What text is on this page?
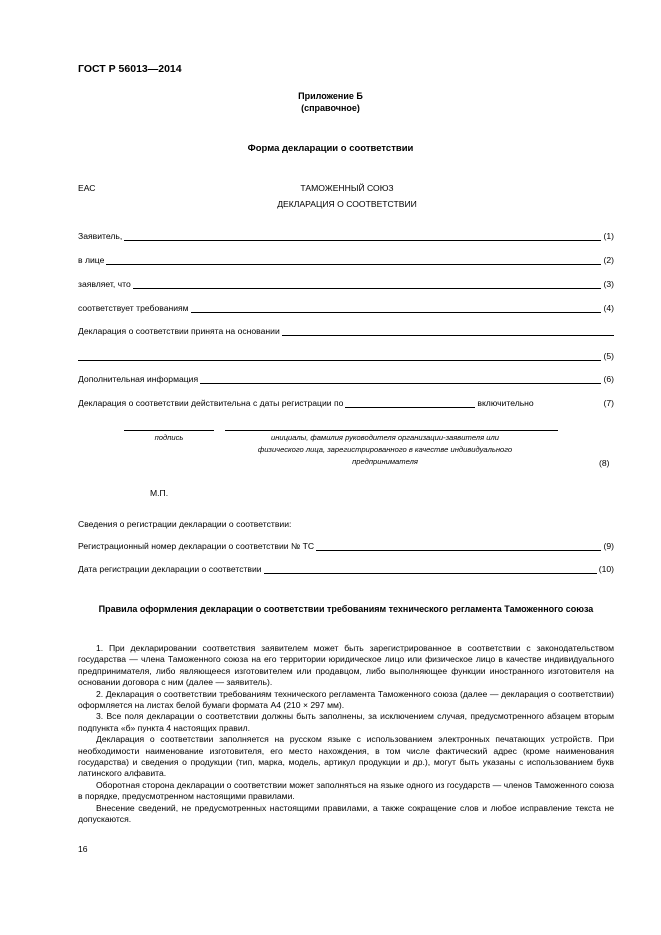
ГОСТ Р 56013—2014
Приложение Б
(справочное)
Форма декларации о соответствии
ЕАС	ТАМОЖЕННЫЙ СОЮЗ
ДЕКЛАРАЦИЯ О СООТВЕТСТВИИ
Заявитель,	(1)
в лице	(2)
заявляет, что	(3)
соответствует требованиям	(4)
Декларация о соответствии принята на основании
(5)
Дополнительная информация	(6)
Декларация о соответствии действительна с даты регистрации по	включительно	(7)
подпись	инициалы, фамилия руководителя организации-заявителя или физического лица, зарегистрированного в качестве индивидуального предпринимателя	(8)
М.П.
Сведения о регистрации декларации о соответствии:
Регистрационный номер декларации о соответствии № ТС	(9)
Дата регистрации декларации о соответствии	(10)
Правила оформления декларации о соответствии требованиям технического регламента Таможенного союза

1. При декларировании соответствия заявителем может быть зарегистрированное в соответствии с законодательством государства — члена Таможенного союза на его территории юридическое лицо или физическое лицо в качестве индивидуального предпринимателя, либо являющееся изготовителем или продавцом, либо выполняющее функции иностранного изготовителя на основании договора с ним (далее — заявитель).

2. Декларация о соответствии требованиям технического регламента Таможенного союза (далее — декларация о соответствии) оформляется на листах белой бумаги формата А4 (210 × 297 мм).

3. Все поля декларации о соответствии должны быть заполнены, за исключением случая, предусмотренного абзацем вторым подпункта «б» пункта 4 настоящих правил.

Декларация о соответствии заполняется на русском языке с использованием электронных печатающих устройств. При необходимости наименование изготовителя, его место нахождения, в том числе фактический адрес (кроме наименования государства) и сведения о продукции (тип, марка, модель, артикул продукции и др.), могут быть указаны с использованием букв латинского алфавита.

Оборотная сторона декларации о соответствии может заполняться на языке одного из государств — членов Таможенного союза в порядке, предусмотренном настоящими правилами.

Внесение сведений, не предусмотренных настоящими правилами, а также сокращение слов и любое исправление текста не допускаются.

16
